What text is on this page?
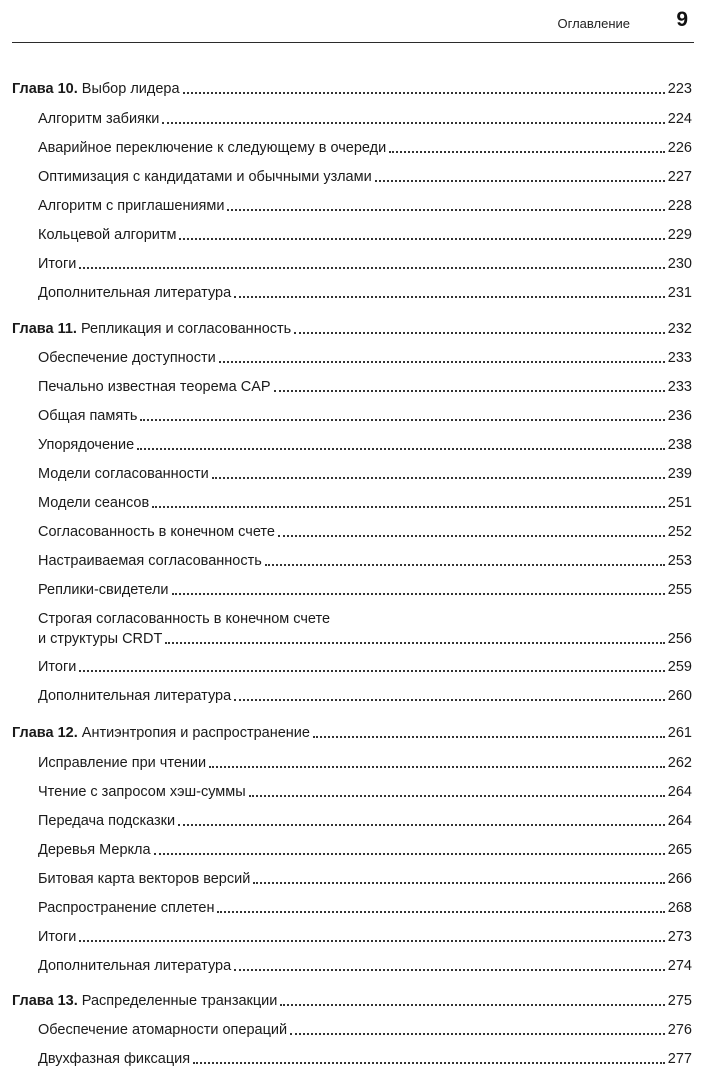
Оглавление 9
Глава 10. Выбор лидера	223
Алгоритм забияки	224
Аварийное переключение к следующему в очереди	226
Оптимизация с кандидатами и обычными узлами	227
Алгоритм с приглашениями	228
Кольцевой алгоритм	229
Итоги	230
Дополнительная литература	231
Глава 11. Репликация и согласованность	232
Обеспечение доступности	233
Печально известная теорема CAP	233
Общая память	236
Упорядочение	238
Модели согласованности	239
Модели сеансов	251
Согласованность в конечном счете	252
Настраиваемая согласованность	253
Реплики-свидетели	255
Строгая согласованность в конечном счете
и структуры CRDT	256
Итоги	259
Дополнительная литература	260
Глава 12. Антиэнтропия и распространение	261
Исправление при чтении	262
Чтение с запросом хэш-суммы	264
Передача подсказки	264
Деревья Меркла	265
Битовая карта векторов версий	266
Распространение сплетен	268
Итоги	273
Дополнительная литература	274
Глава 13. Распределенные транзакции	275
Обеспечение атомарности операций	276
Двухфазная фиксация	277
